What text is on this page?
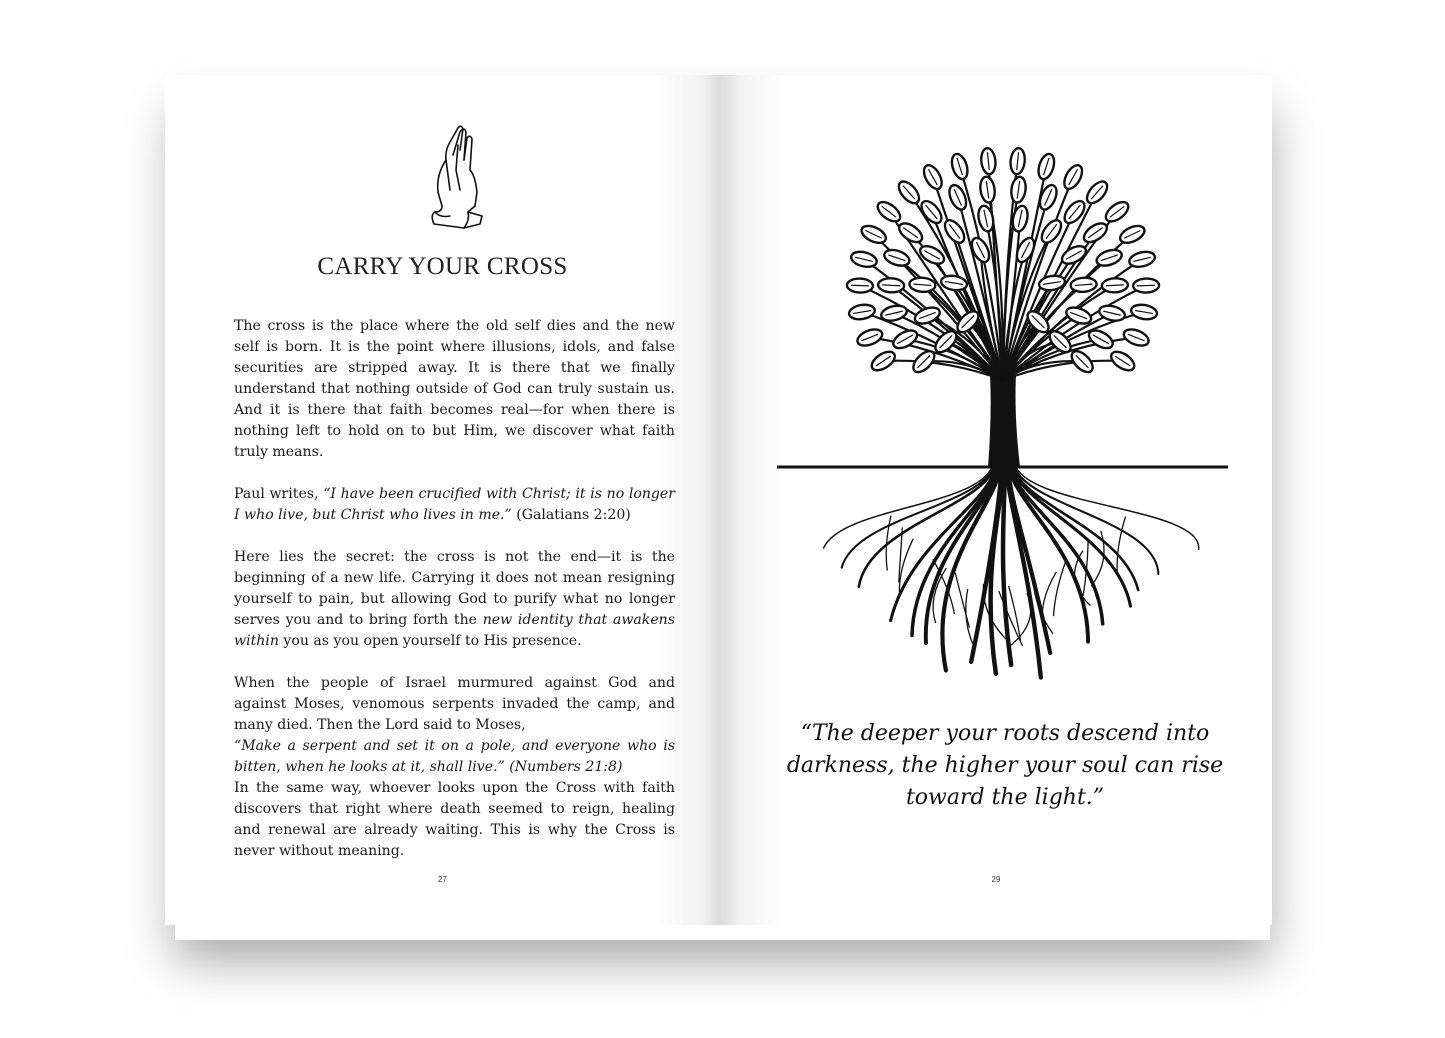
CARRY YOUR CROSS

The cross is the place where the old self dies and the new self is born. It is the point where illusions, idols, and false securities are stripped away. It is there that we finally understand that nothing outside of God can truly sustain us. And it is there that faith becomes real—for when there is nothing left to hold on to but Him, we discover what faith truly means.

Paul writes, “I have been crucified with Christ; it is no longer I who live, but Christ who lives in me.” (Galatians 2:20)

Here lies the secret: the cross is not the end—it is the beginning of a new life. Carrying it does not mean resigning yourself to pain, but allowing God to purify what no longer serves you and to bring forth the new identity that awakens within you as you open yourself to His presence.

When the people of Israel murmured against God and against Moses, venomous serpents invaded the camp, and many died. Then the Lord said to Moses,

“Make a serpent and set it on a pole, and everyone who is bitten, when he looks at it, shall live.” (Numbers 21:8)

In the same way, whoever looks upon the Cross with faith discovers that right where death seemed to reign, healing and renewal are already waiting. This is why the Cross is never without meaning.

27
“The deeper your roots descend into darkness, the higher your soul can rise toward the light.”
29
